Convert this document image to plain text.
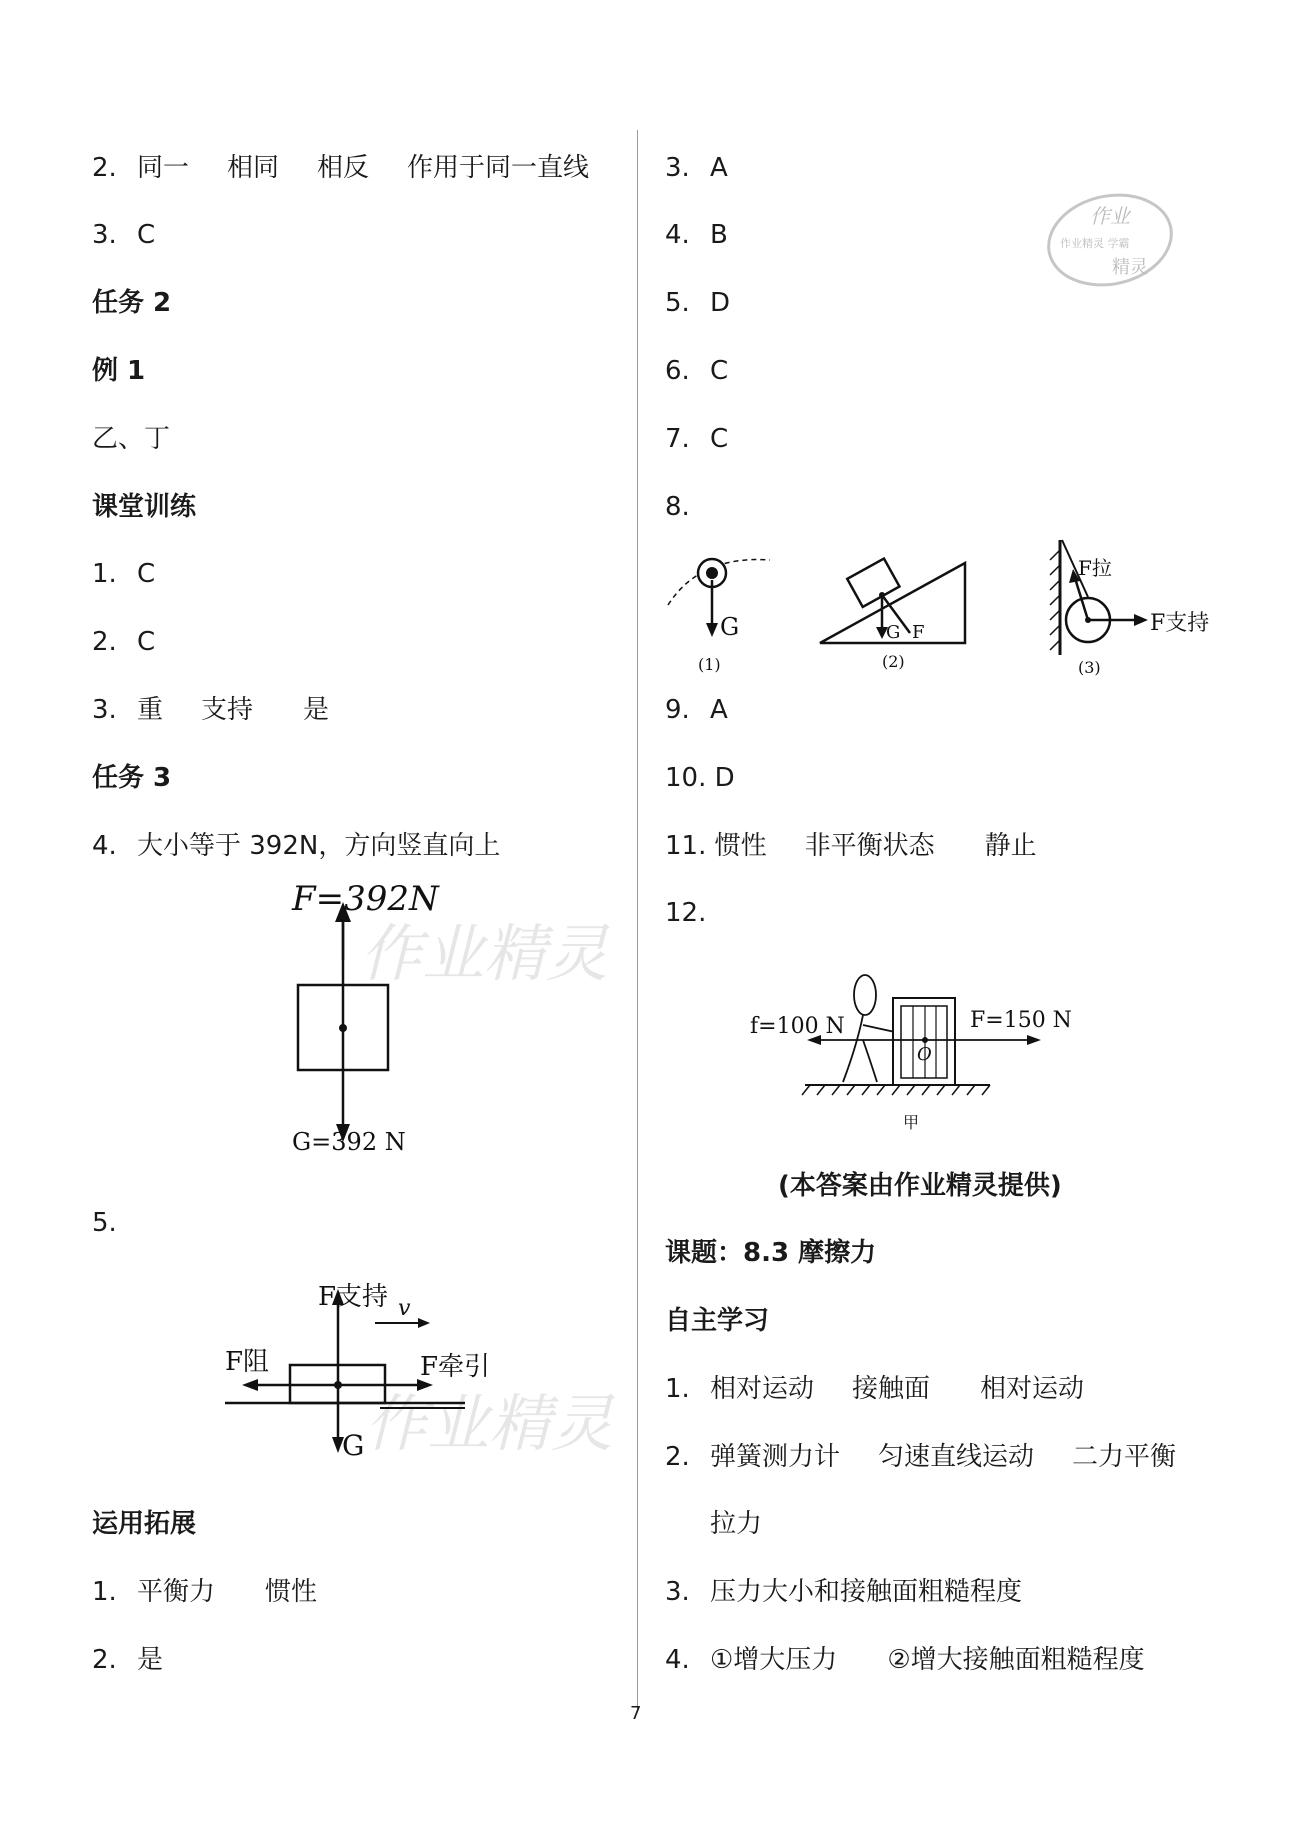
2. 同一 相同 相反 作用于同一直线
3. C
任务 2
例 1
乙、丁
课堂训练
1. C
2. C
3. 重 支持 是
任务 3
4. 大小等于 392N，方向竖直向上
作业精灵
F=392N
G=392 N
5.
作业精灵
F支持 v
F阻	F牵引
G
运用拓展
1. 平衡力 惯性
2. 是
3. A
作业
作业精灵 学霸
精灵
4. B
5. D
6. C
7. C
8.
G
(1)
G F
(2)
F拉
F支持
(3)
9. A
10. D
11. 惯性 非平衡状态 静止
12.
O
f=100 N	F=150 N
甲
(本答案由作业精灵提供)
课题：8.3 摩擦力
自主学习
1. 相对运动 接触面 相对运动
2. 弹簧测力计 匀速直线运动 二力平衡
拉力
3. 压力大小和接触面粗糙程度
4. ①增大压力 ②增大接触面粗糙程度
7
